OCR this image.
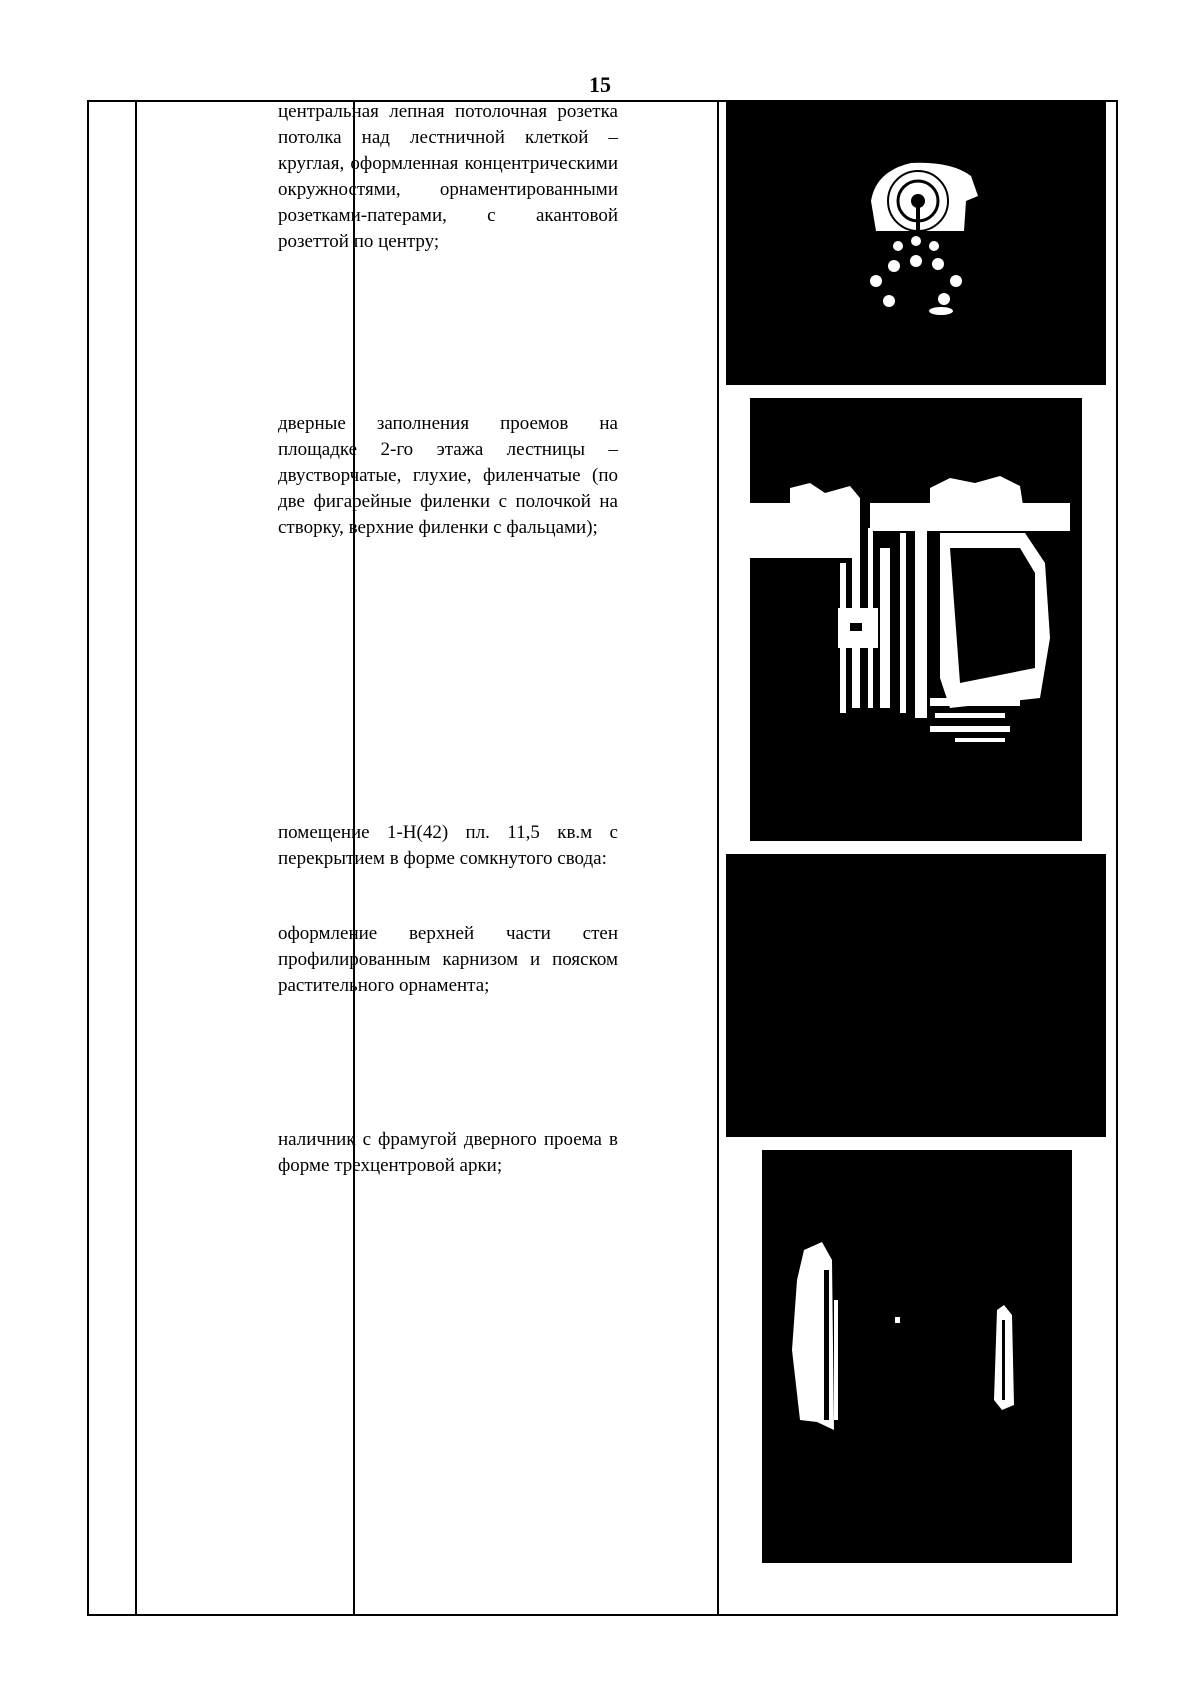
15

центральная лепная потолочная розетка потолка над лестничной клеткой – круглая, оформленная концентрическими окружностями, орнаментированными розетками-патерами, с акантовой розеттой по центру;

дверные заполнения проемов на площадке 2-го этажа лестницы – двустворчатые, глухие, филенчатые (по две фигарейные филенки с полочкой на створку, верхние филенки с фальцами);

помещение 1-Н(42) пл. 11,5 кв.м с перекрытием в форме сомкнутого свода:

оформление верхней части стен профилированным карнизом и пояском растительного орнамента;

наличник с фрамугой дверного проема в форме трехцентровой арки;
